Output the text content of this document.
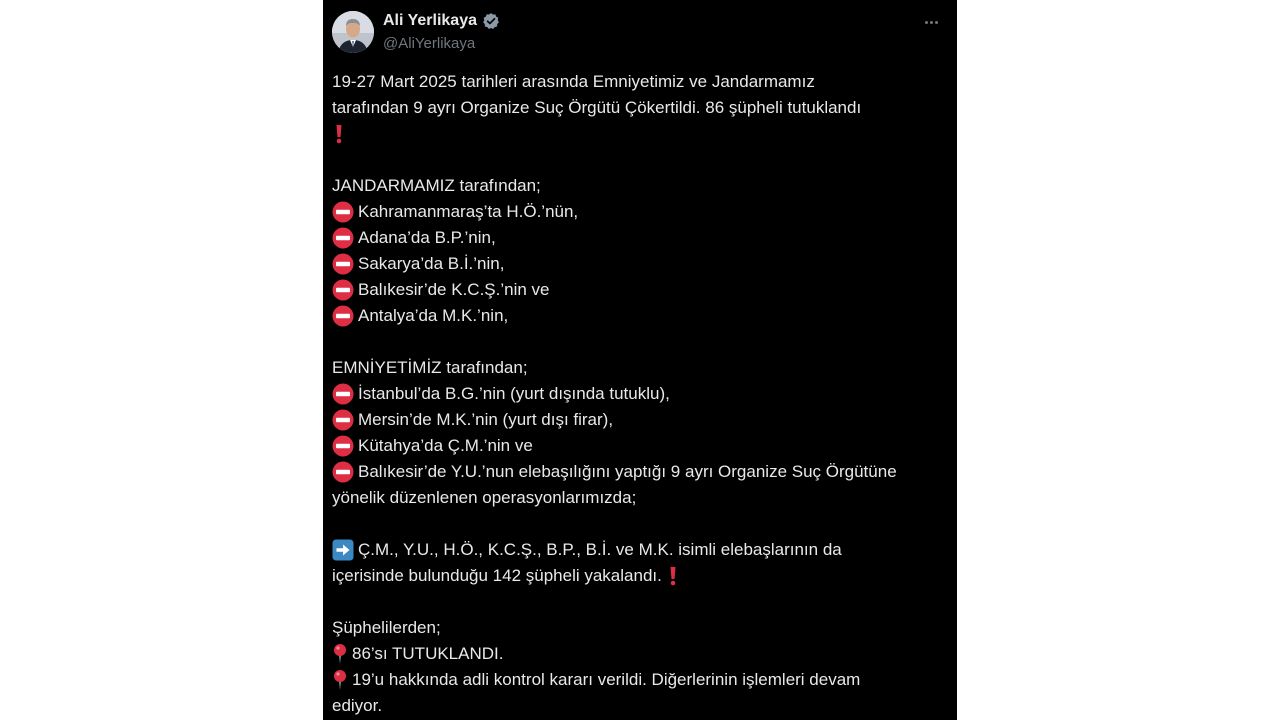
Ali Yerlikaya
@AliYerlikaya
19-27 Mart 2025 tarihleri arasında Emniyetimiz ve Jandarmamız
tarafından 9 ayrı Organize Suç Örgütü Çökertildi. 86 şüpheli tutuklandı
JANDARMAMIZ tarafından;
Kahramanmaraş’ta H.Ö.’nün,
Adana’da B.P.’nin,
Sakarya’da B.İ.’nin,
Balıkesir’de K.C.Ş.’nin ve
Antalya’da M.K.’nin,
EMNİYETİMİZ tarafından;
İstanbul’da B.G.’nin (yurt dışında tutuklu),
Mersin’de M.K.’nin (yurt dışı firar),
Kütahya’da Ç.M.’nin ve
Balıkesir’de Y.U.’nun elebaşılığını yaptığı 9 ayrı Organize Suç Örgütüne
yönelik düzenlenen operasyonlarımızda;
Ç.M., Y.U., H.Ö., K.C.Ş., B.P., B.İ. ve M.K. isimli elebaşlarının da
içerisinde bulunduğu 142 şüpheli yakalandı.
Şüphelilerden;
86’sı TUTUKLANDI.
19’u hakkında adli kontrol kararı verildi. Diğerlerinin işlemleri devam
ediyor.
